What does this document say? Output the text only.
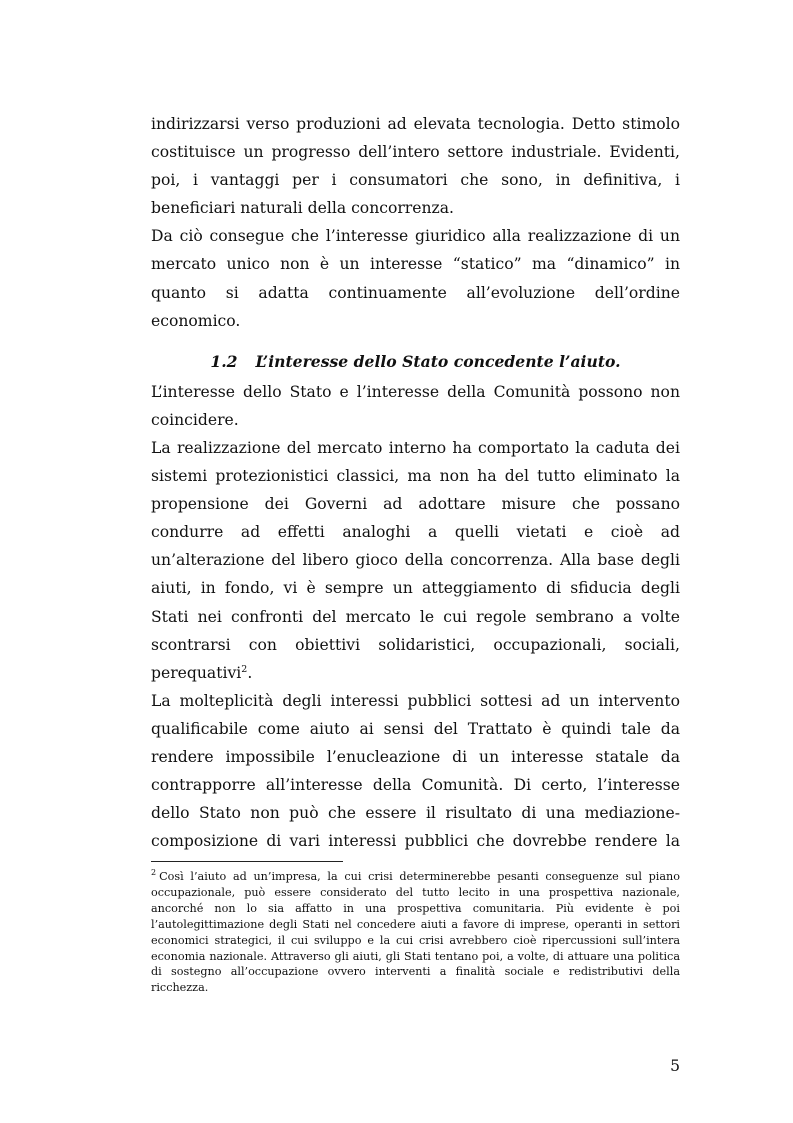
indirizzarsi verso produzioni ad elevata tecnologia. Detto stimolo costituisce un progresso dell’intero settore industriale. Evidenti, poi, i vantaggi per i consumatori che sono, in definitiva, i beneficiari naturali della concorrenza.

Da ciò consegue che l’interesse giuridico alla realizzazione di un mercato unico non è un interesse “statico” ma “dinamico” in quanto si adatta continuamente all’evoluzione dell’ordine economico.

1.2 L’interesse dello Stato concedente l’aiuto.

L’interesse dello Stato e l’interesse della Comunità possono non coincidere.

La realizzazione del mercato interno ha comportato la caduta dei sistemi protezionistici classici, ma non ha del tutto eliminato la propensione dei Governi ad adottare misure che possano condurre ad effetti analoghi a quelli vietati e cioè ad un’alterazione del libero gioco della concorrenza. Alla base degli aiuti, in fondo, vi è sempre un atteggiamento di sfiducia degli Stati nei confronti del mercato le cui regole sembrano a volte scontrarsi con obiettivi solidaristici, occupazionali, sociali, perequativi$^2$.

La molteplicità degli interessi pubblici sottesi ad un intervento qualificabile come aiuto ai sensi del Trattato è quindi tale da rendere impossibile l’enucleazione di un interesse statale da contrapporre all’interesse della Comunità. Di certo, l’interesse dello Stato non può che essere il risultato di una mediazione-composizione di vari interessi pubblici che dovrebbe rendere la

$^2$ Così l’aiuto ad un’impresa, la cui crisi determinerebbe pesanti conseguenze sul piano occupazionale, può essere considerato del tutto lecito in una prospettiva nazionale, ancorché non lo sia affatto in una prospettiva comunitaria. Più evidente è poi l’autolegittimazione degli Stati nel concedere aiuti a favore di imprese, operanti in settori economici strategici, il cui sviluppo e la cui crisi avrebbero cioè ripercussioni sull’intera economia nazionale. Attraverso gli aiuti, gli Stati tentano poi, a volte, di attuare una politica di sostegno all’occupazione ovvero interventi a finalità sociale e redistributivi della ricchezza.

5
